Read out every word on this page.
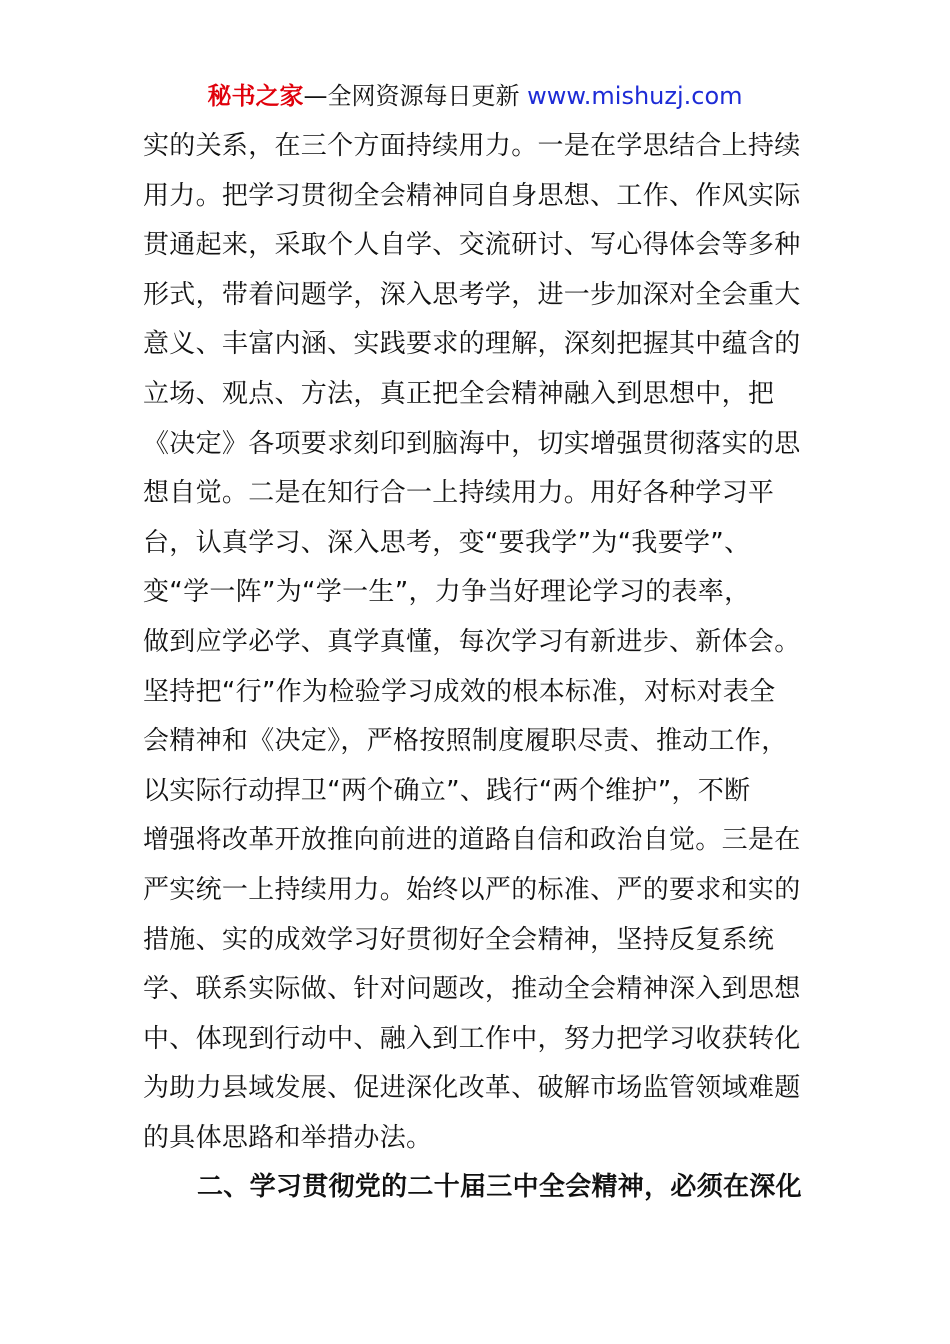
秘书之家—全网资源每日更新 www.mishuzj.com
实的关系，在三个方面持续用力。一是在学思结合上持续
用力。把学习贯彻全会精神同自身思想、工作、作风实际
贯通起来，采取个人自学、交流研讨、写心得体会等多种
形式，带着问题学，深入思考学，进一步加深对全会重大
意义、丰富内涵、实践要求的理解，深刻把握其中蕴含的
立场、观点、方法，真正把全会精神融入到思想中，把
《决定》各项要求刻印到脑海中，切实增强贯彻落实的思
想自觉。二是在知行合一上持续用力。用好各种学习平
台，认真学习、深入思考，变“要我学”为“我要学”、
变“学一阵”为“学一生”，力争当好理论学习的表率，
做到应学必学、真学真懂，每次学习有新进步、新体会。
坚持把“行”作为检验学习成效的根本标准，对标对表全
会精神和《决定》，严格按照制度履职尽责、推动工作，
以实际行动捍卫“两个确立”、践行“两个维护”，不断
增强将改革开放推向前进的道路自信和政治自觉。三是在
严实统一上持续用力。始终以严的标准、严的要求和实的
措施、实的成效学习好贯彻好全会精神，坚持反复系统
学、联系实际做、针对问题改，推动全会精神深入到思想
中、体现到行动中、融入到工作中，努力把学习收获转化
为助力县域发展、促进深化改革、破解市场监管领域难题
的具体思路和举措办法。
二、学习贯彻党的二十届三中全会精神，必须在深化
